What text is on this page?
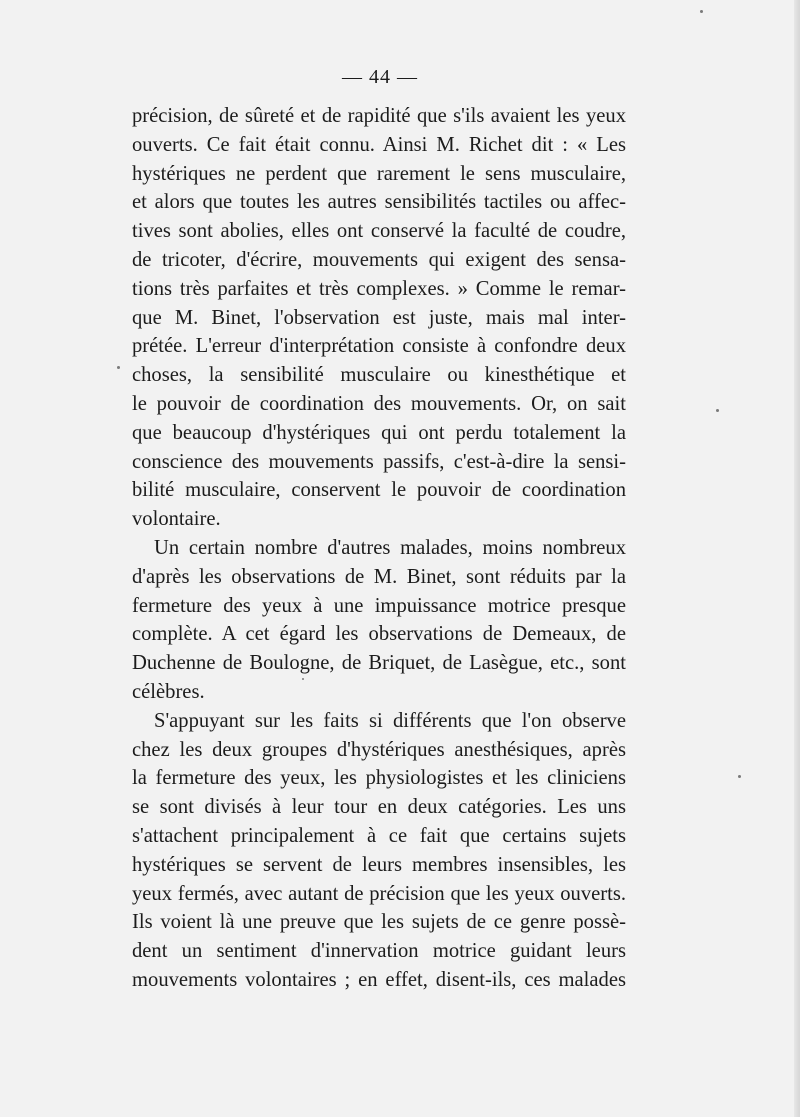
— 44 —
précision, de sûreté et de rapidité que s'ils avaient les yeux
ouverts. Ce fait était connu. Ainsi M. Richet dit : « Les
hystériques ne perdent que rarement le sens musculaire,
et alors que toutes les autres sensibilités tactiles ou affec-
tives sont abolies, elles ont conservé la faculté de coudre,
de tricoter, d'écrire, mouvements qui exigent des sensa-
tions très parfaites et très complexes. » Comme le remar-
que M. Binet, l'observation est juste, mais mal inter-
prétée. L'erreur d'interprétation consiste à confondre deux
choses, la sensibilité musculaire ou kinesthétique et
le pouvoir de coordination des mouvements. Or, on sait
que beaucoup d'hystériques qui ont perdu totalement la
conscience des mouvements passifs, c'est-à-dire la sensi-
bilité musculaire, conservent le pouvoir de coordination
volontaire.
Un certain nombre d'autres malades, moins nombreux
d'après les observations de M. Binet, sont réduits par la
fermeture des yeux à une impuissance motrice presque
complète. A cet égard les observations de Demeaux, de
Duchenne de Boulogne, de Briquet, de Lasègue, etc., sont
célèbres.
S'appuyant sur les faits si différents que l'on observe
chez les deux groupes d'hystériques anesthésiques, après
la fermeture des yeux, les physiologistes et les cliniciens
se sont divisés à leur tour en deux catégories. Les uns
s'attachent principalement à ce fait que certains sujets
hystériques se servent de leurs membres insensibles, les
yeux fermés, avec autant de précision que les yeux ouverts.
Ils voient là une preuve que les sujets de ce genre possè-
dent un sentiment d'innervation motrice guidant leurs
mouvements volontaires ; en effet, disent-ils, ces malades
